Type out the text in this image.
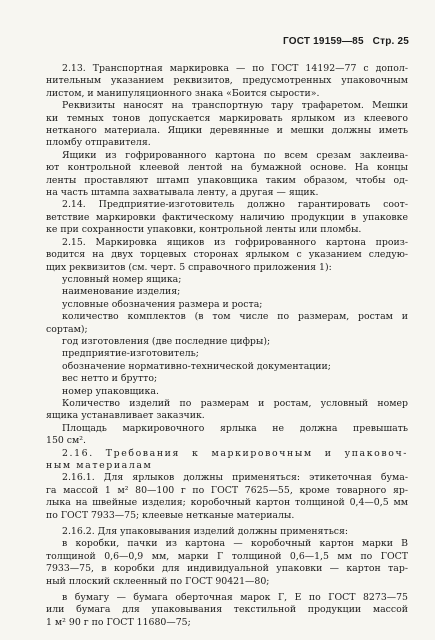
ГОСТ 19159—85 Стр. 25
2.13. Транспортная маркировка — по ГОСТ 14192—77 с допол-
нительным указанием реквизитов, предусмотренных упаковочным
листом, и манипуляционного знака «Боится сырости».
Реквизиты наносят на транспортную тару трафаретом. Мешки
ки темных тонов допускается маркировать ярлыком из клеевого
нетканого материала. Ящики деревянные и мешки должны иметь
пломбу отправителя.
Ящики из гофрированного картона по всем срезам заклеива-
ют контрольной клеевой лентой на бумажной основе. На концы
ленты проставляют штамп упаковщика таким образом, чтобы од-
на часть штампа захватывала ленту, а другая — ящик.
2.14. Предприятие-изготовитель должно гарантировать соот-
ветствие маркировки фактическому наличию продукции в упаковке
ке при сохранности упаковки, контрольной ленты или пломбы.
2.15. Маркировка ящиков из гофрированного картона произ-
водится на двух торцевых сторонах ярлыком с указанием следую-
щих реквизитов (см. черт. 5 справочного приложения 1):
условный номер ящика;
наименование изделия;
условные обозначения размера и роста;
количество комплектов (в том числе по размерам, ростам и
сортам);
год изготовления (две последние цифры);
предприятие-изготовитель;
обозначение нормативно-технической документации;
вес нетто и брутто;
номер упаковщика.
Количество изделий по размерам и ростам, условный номер
ящика устанавливает заказчик.
Площадь маркировочного ярлыка не должна превышать
150 см².
2.16. Требования к маркировочным и упаковоч-
ным материалам
2.16.1. Для ярлыков должны применяться: этикеточная бума-
га массой 1 м² 80—100 г по ГОСТ 7625—55, кроме товарного яр-
лыка на швейные изделия; коробочный картон толщиной 0,4—0,5 мм
по ГОСТ 7933—75; клеевые нетканые материалы.
2.16.2. Для упаковывания изделий должны применяться:
в коробки, пачки из картона — коробочный картон марки В
толщиной 0,6—0,9 мм, марки Г толщиной 0,6—1,5 мм по ГОСТ
7933—75, в коробки для индивидуальной упаковки — картон тар-
ный плоский склеенный по ГОСТ 90421—80;
в бумагу — бумага оберточная марок Г, Е по ГОСТ 8273—75
или бумага для упаковывания текстильной продукции массой
1 м² 90 г по ГОСТ 11680—75;
